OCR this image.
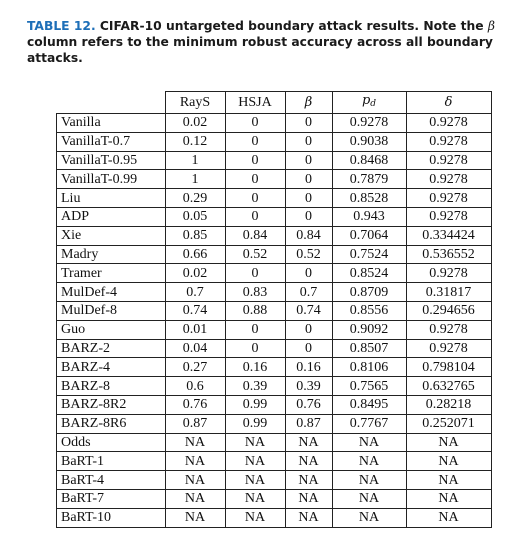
TABLE 12. CIFAR-10 untargeted boundary attack results. Note the β column refers to the minimum robust accuracy across all boundary attacks.
	RayS	HSJA	β	$p_d$	δ
Vanilla	0.02	0	0	0.9278	0.9278
VanillaT-0.7	0.12	0	0	0.9038	0.9278
VanillaT-0.95	1	0	0	0.8468	0.9278
VanillaT-0.99	1	0	0	0.7879	0.9278
Liu	0.29	0	0	0.8528	0.9278
ADP	0.05	0	0	0.943	0.9278
Xie	0.85	0.84	0.84	0.7064	0.334424
Madry	0.66	0.52	0.52	0.7524	0.536552
Tramer	0.02	0	0	0.8524	0.9278
MulDef-4	0.7	0.83	0.7	0.8709	0.31817
MulDef-8	0.74	0.88	0.74	0.8556	0.294656
Guo	0.01	0	0	0.9092	0.9278
BARZ-2	0.04	0	0	0.8507	0.9278
BARZ-4	0.27	0.16	0.16	0.8106	0.798104
BARZ-8	0.6	0.39	0.39	0.7565	0.632765
BARZ-8R2	0.76	0.99	0.76	0.8495	0.28218
BARZ-8R6	0.87	0.99	0.87	0.7767	0.252071
Odds	NA	NA	NA	NA	NA
BaRT-1	NA	NA	NA	NA	NA
BaRT-4	NA	NA	NA	NA	NA
BaRT-7	NA	NA	NA	NA	NA
BaRT-10	NA	NA	NA	NA	NA
